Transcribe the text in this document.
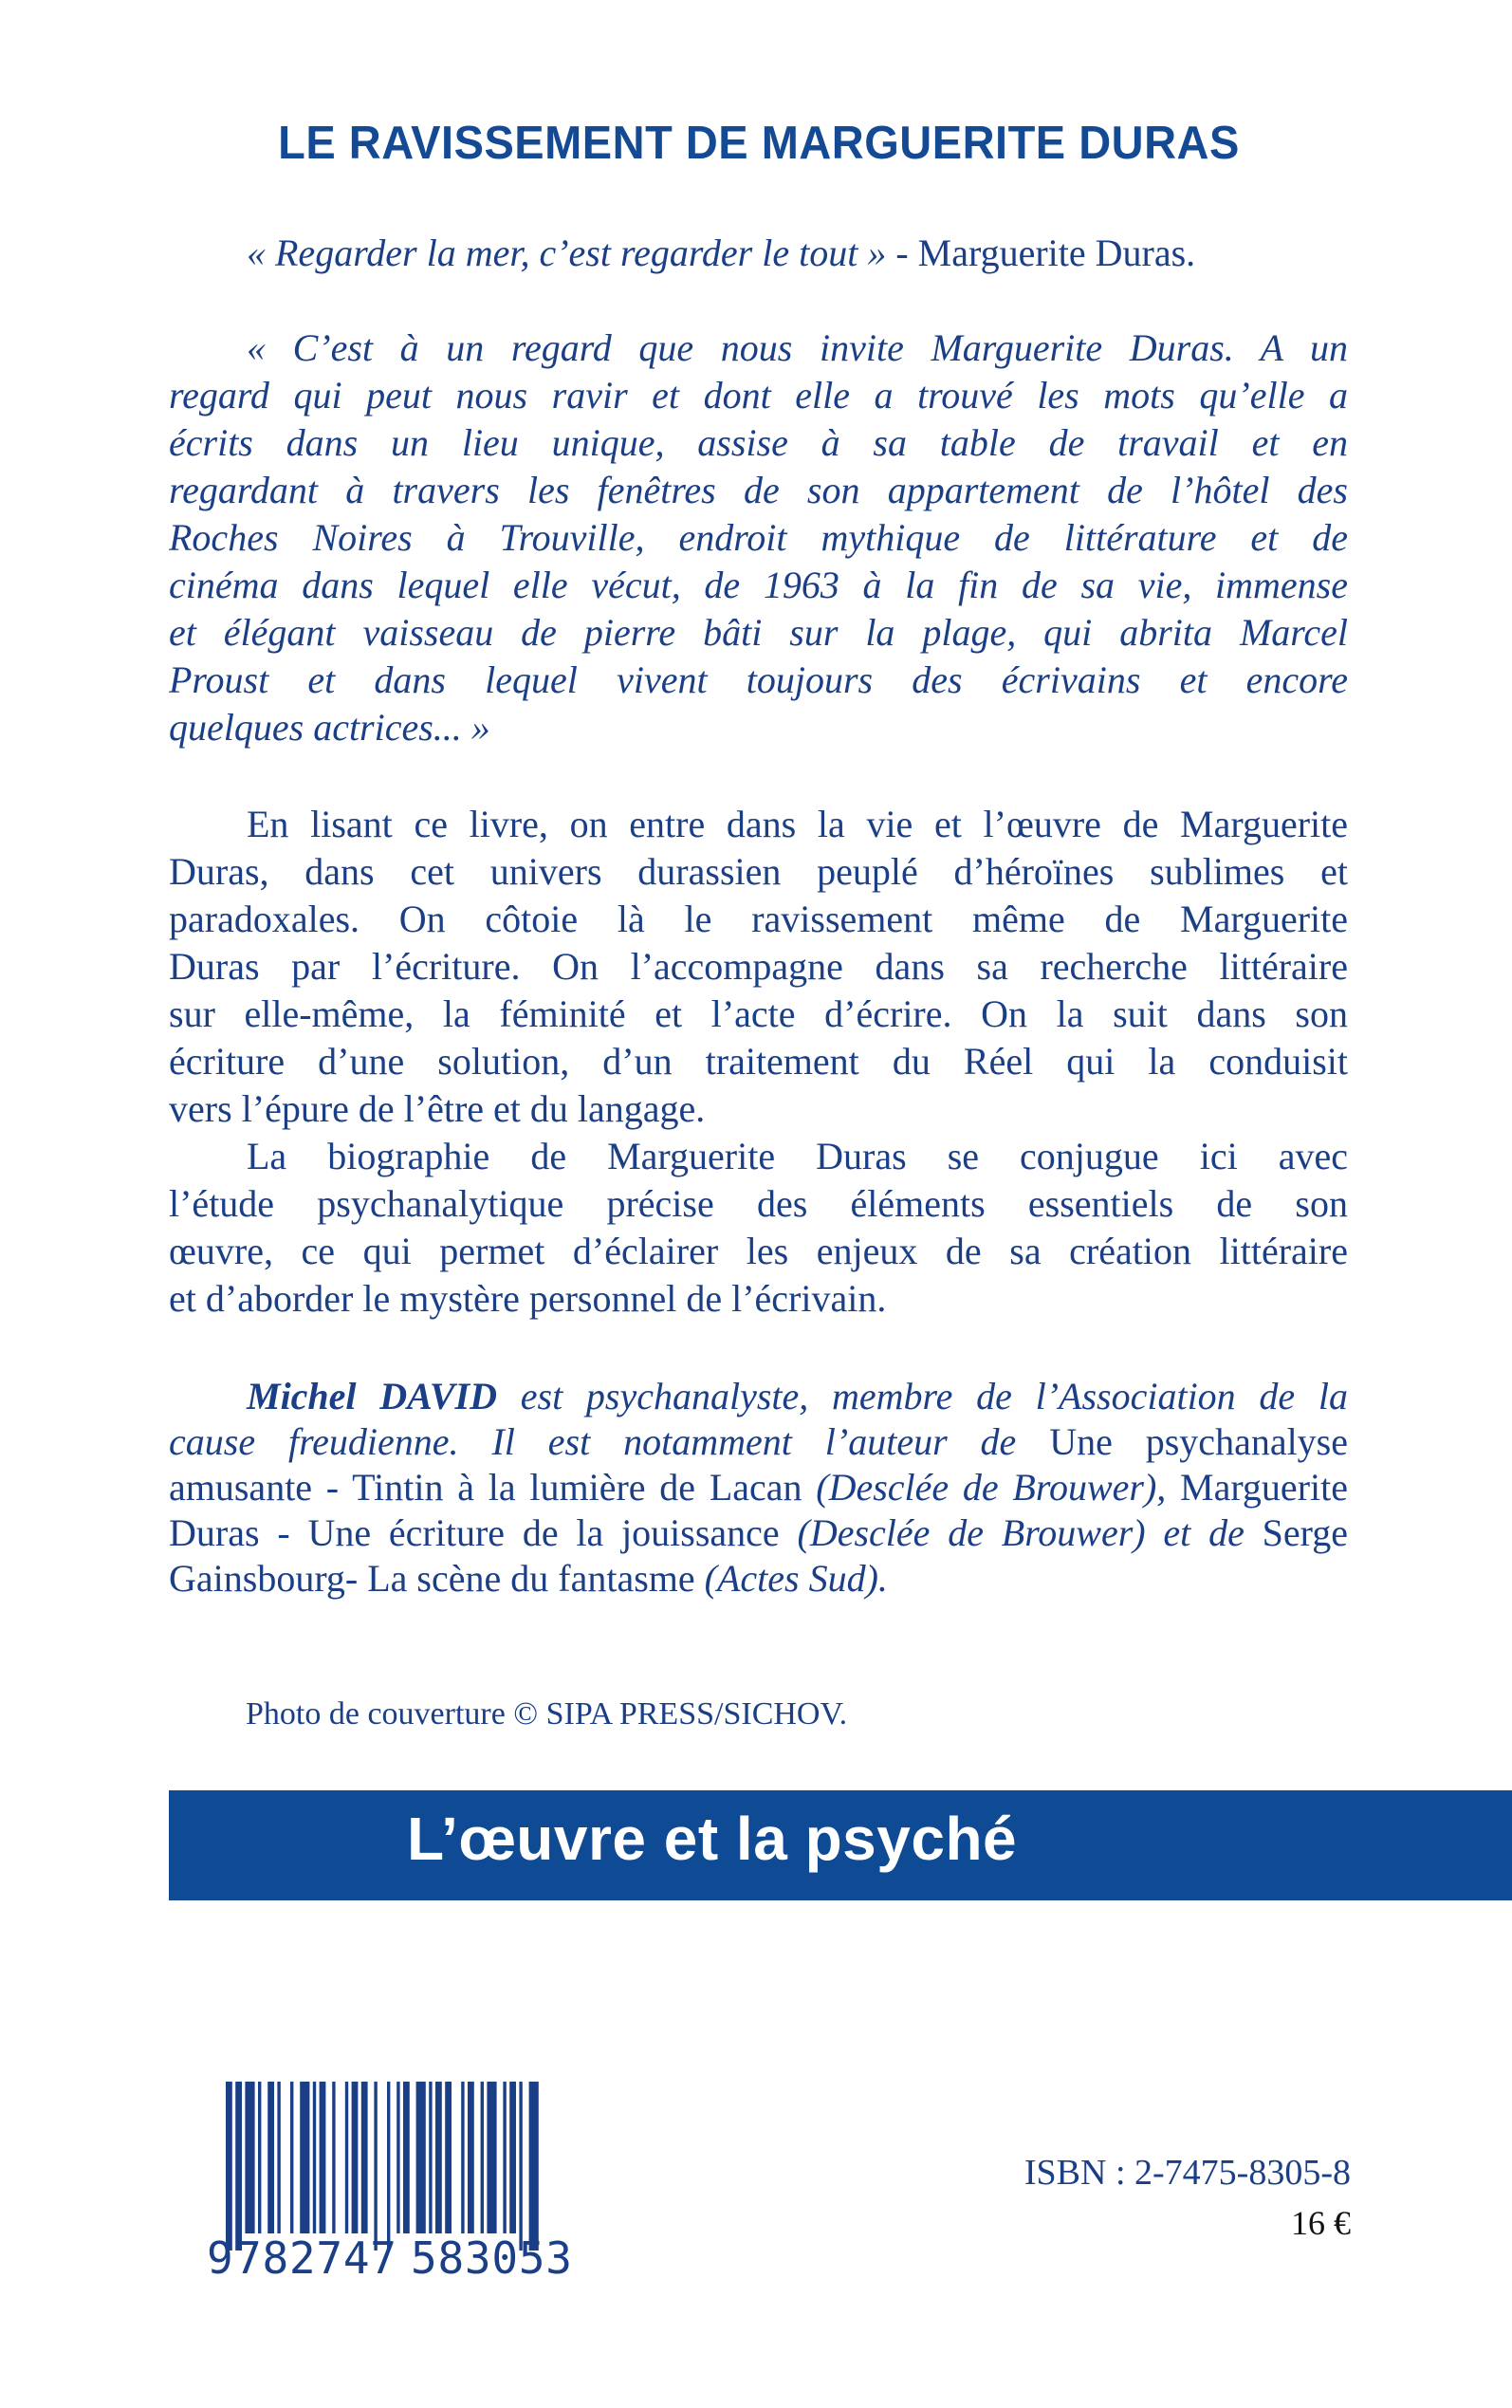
LE RAVISSEMENT DE MARGUERITE DURAS
« Regarder la mer, c’est regarder le tout » - Marguerite Duras.
« C’est à un regard que nous invite Marguerite Duras. A un
regard qui peut nous ravir et dont elle a trouvé les mots qu’elle a
écrits dans un lieu unique, assise à sa table de travail et en
regardant à travers les fenêtres de son appartement de l’hôtel des
Roches Noires à Trouville, endroit mythique de littérature et de
cinéma dans lequel elle vécut, de 1963 à la fin de sa vie, immense
et élégant vaisseau de pierre bâti sur la plage, qui abrita Marcel
Proust et dans lequel vivent toujours des écrivains et encore
quelques actrices... »
En lisant ce livre, on entre dans la vie et l’œuvre de Marguerite
Duras, dans cet univers durassien peuplé d’héroïnes sublimes et
paradoxales. On côtoie là le ravissement même de Marguerite
Duras par l’écriture. On l’accompagne dans sa recherche littéraire
sur elle-même, la féminité et l’acte d’écrire. On la suit dans son
écriture d’une solution, d’un traitement du Réel qui la conduisit
vers l’épure de l’être et du langage.
La biographie de Marguerite Duras se conjugue ici avec
l’étude psychanalytique précise des éléments essentiels de son
œuvre, ce qui permet d’éclairer les enjeux de sa création littéraire
et d’aborder le mystère personnel de l’écrivain.
Michel DAVID est psychanalyste, membre de l’Association de la
cause freudienne. Il est notamment l’auteur de Une psychanalyse
amusante - Tintin à la lumière de Lacan (Desclée de Brouwer), Marguerite
Duras - Une écriture de la jouissance (Desclée de Brouwer) et de Serge
Gainsbourg- La scène du fantasme (Actes Sud).
Photo de couverture © SIPA PRESS/SICHOV.
L’œuvre et la psyché
9 782747 583053
ISBN : 2-7475-8305-8
16 €
